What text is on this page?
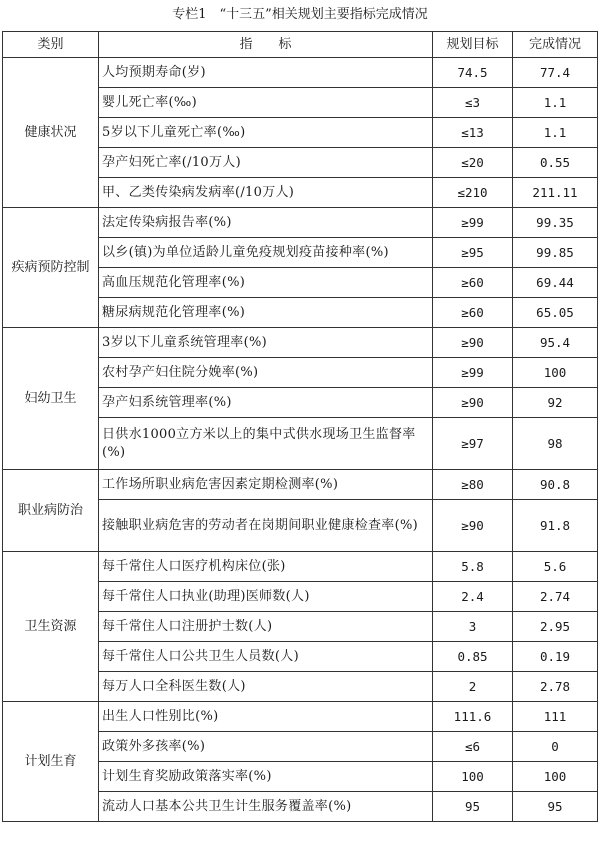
专栏1　“十三五”相关规划主要指标完成情况
类别	指　　标	规划目标	完成情况
健康状况	人均预期寿命(岁)	74.5	77.4
	婴儿死亡率(‰)	≤3	1.1
	5岁以下儿童死亡率(‰)	≤13	1.1
	孕产妇死亡率(/10万人)	≤20	0.55
	甲、乙类传染病发病率(/10万人)	≤210	211.11
疾病预防控制	法定传染病报告率(%)	≥99	99.35
	以乡(镇)为单位适龄儿童免疫规划疫苗接种率(%)	≥95	99.85
	高血压规范化管理率(%)	≥60	69.44
	糖尿病规范化管理率(%)	≥60	65.05
妇幼卫生	3岁以下儿童系统管理率(%)	≥90	95.4
	农村孕产妇住院分娩率(%)	≥99	100
	孕产妇系统管理率(%)	≥90	92
	日供水1000立方米以上的集中式供水现场卫生监督率(%)	≥97	98
职业病防治	工作场所职业病危害因素定期检测率(%)	≥80	90.8
	接触职业病危害的劳动者在岗期间职业健康检查率(%)	≥90	91.8
卫生资源	每千常住人口医疗机构床位(张)	5.8	5.6
	每千常住人口执业(助理)医师数(人)	2.4	2.74
	每千常住人口注册护士数(人)	3	2.95
	每千常住人口公共卫生人员数(人)	0.85	0.19
	每万人口全科医生数(人)	2	2.78
计划生育	出生人口性别比(%)	111.6	111
	政策外多孩率(%)	≤6	0
	计划生育奖励政策落实率(%)	100	100
	流动人口基本公共卫生计生服务覆盖率(%)	95	95
